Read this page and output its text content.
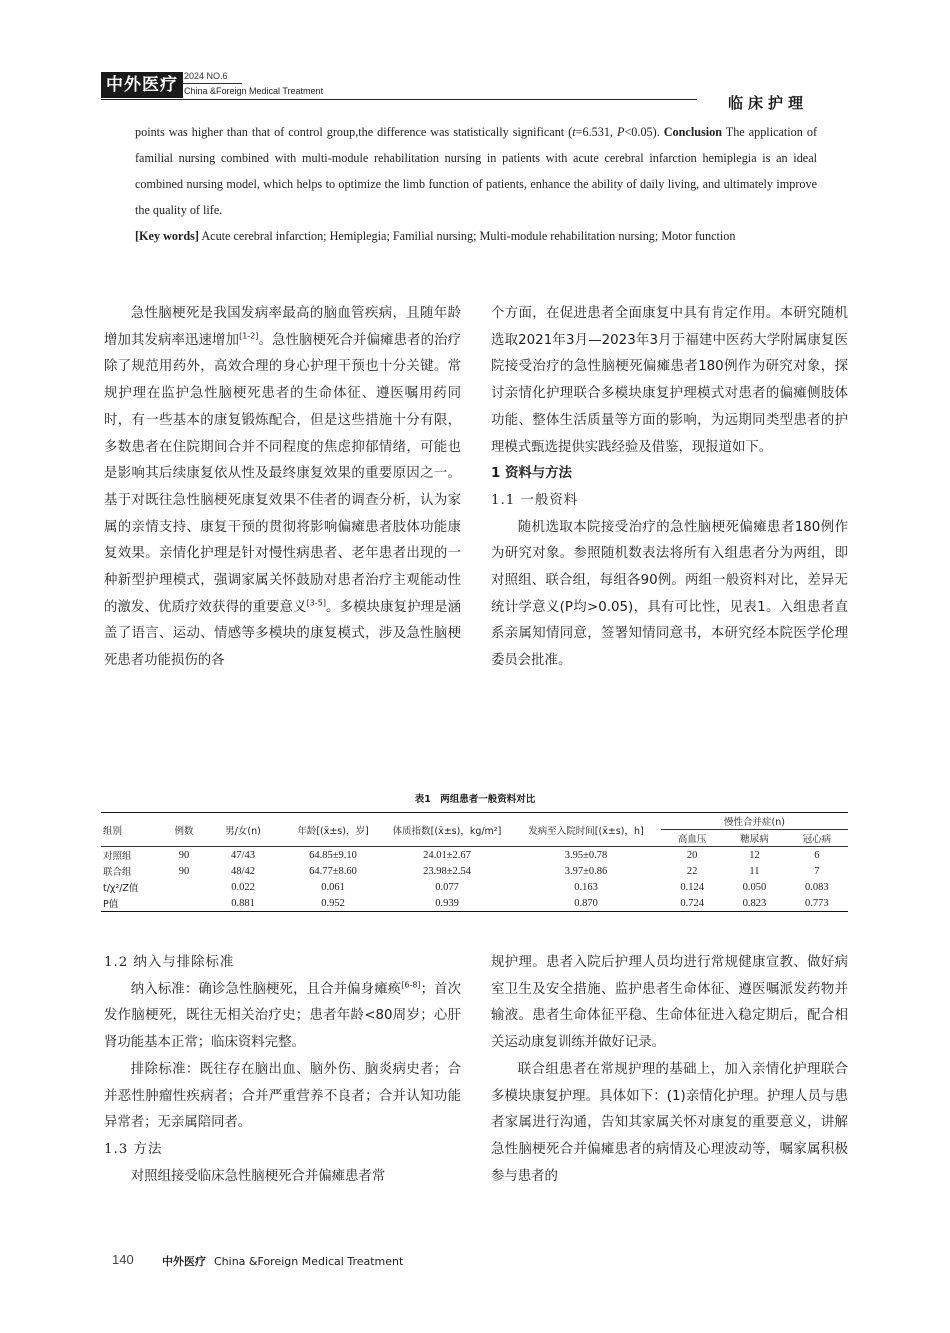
中外医疗 2024 NO.6
China &Foreign Medical Treatment
临床护理

points was higher than that of control group,the difference was statistically significant (t=6.531, P<0.05). Conclusion The application of familial nursing combined with multi-module rehabilitation nursing in patients with acute cerebral infarction hemiplegia is an ideal combined nursing model, which helps to optimize the limb function of patients, enhance the ability of daily living, and ultimately improve the quality of life.

[Key words] Acute cerebral infarction; Hemiplegia; Familial nursing; Multi-module rehabilitation nursing; Motor function

急性脑梗死是我国发病率最高的脑血管疾病，且随年龄增加其发病率迅速增加[1-2]。急性脑梗死合并偏瘫患者的治疗除了规范用药外，高效合理的身心护理干预也十分关键。常规护理在监护急性脑梗死患者的生命体征、遵医嘱用药同时，有一些基本的康复锻炼配合，但是这些措施十分有限，多数患者在住院期间合并不同程度的焦虑抑郁情绪，可能也是影响其后续康复依从性及最终康复效果的重要原因之一。基于对既往急性脑梗死康复效果不佳者的调查分析，认为家属的亲情支持、康复干预的贯彻将影响偏瘫患者肢体功能康复效果。亲情化护理是针对慢性病患者、老年患者出现的一种新型护理模式，强调家属关怀鼓励对患者治疗主观能动性的激发、优质疗效获得的重要意义[3-5]。多模块康复护理是涵盖了语言、运动、情感等多模块的康复模式，涉及急性脑梗死患者功能损伤的各

个方面，在促进患者全面康复中具有肯定作用。本研究随机选取2021年3月—2023年3月于福建中医药大学附属康复医院接受治疗的急性脑梗死偏瘫患者180例作为研究对象，探讨亲情化护理联合多模块康复护理模式对患者的偏瘫侧肢体功能、整体生活质量等方面的影响，为远期同类型患者的护理模式甄选提供实践经验及借鉴，现报道如下。

1 资料与方法

1.1 一般资料

随机选取本院接受治疗的急性脑梗死偏瘫患者180例作为研究对象。参照随机数表法将所有入组患者分为两组，即对照组、联合组，每组各90例。两组一般资料对比，差异无统计学意义(P均>0.05)，具有可比性，见表1。入组患者直系亲属知情同意，签署知情同意书，本研究经本院医学伦理委员会批准。

表1　两组患者一般资料对比
组别	例数	男/女(n)	年龄[(x̄±s)，岁]	体质指数[(x̄±s)，kg/m²]	发病至入院时间[(x̄±s)，h]	慢性合并症(n)		
						高血压	糖尿病	冠心病
对照组	90	47/43	64.85±9.10	24.01±2.67	3.95±0.78	20	12	6
联合组	90	48/42	64.77±8.60	23.98±2.54	3.97±0.86	22	11	7
t/χ²/Z值		0.022	0.061	0.077	0.163	0.124	0.050	0.083
P值		0.881	0.952	0.939	0.870	0.724	0.823	0.773

1.2 纳入与排除标准

纳入标准：确诊急性脑梗死，且合并偏身瘫痪[6-8]；首次发作脑梗死，既往无相关治疗史；患者年龄<80周岁；心肝肾功能基本正常；临床资料完整。

排除标准：既往存在脑出血、脑外伤、脑炎病史者；合并恶性肿瘤性疾病者；合并严重营养不良者；合并认知功能异常者；无亲属陪同者。

1.3 方法

对照组接受临床急性脑梗死合并偏瘫患者常

规护理。患者入院后护理人员均进行常规健康宣教、做好病室卫生及安全措施、监护患者生命体征、遵医嘱派发药物并输液。患者生命体征平稳、生命体征进入稳定期后，配合相关运动康复训练并做好记录。

联合组患者在常规护理的基础上，加入亲情化护理联合多模块康复护理。具体如下：(1)亲情化护理。护理人员与患者家属进行沟通，告知其家属关怀对康复的重要意义，讲解急性脑梗死合并偏瘫患者的病情及心理波动等，嘱家属积极参与患者的

140	中外医疗 China &Foreign Medical Treatment
